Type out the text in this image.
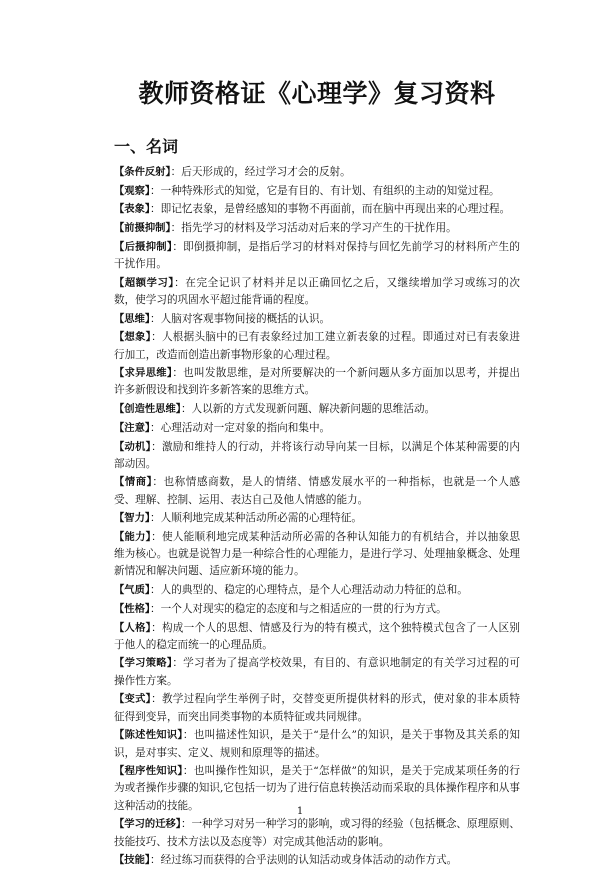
教师资格证《心理学》复习资料
一、名词

【条件反射】：后天形成的，经过学习才会的反射。

【观察】：一种特殊形式的知觉，它是有目的、有计划、有组织的主动的知觉过程。

【表象】：即记忆表象，是曾经感知的事物不再面前，而在脑中再现出来的心理过程。

【前摄抑制】：指先学习的材料及学习活动对后来的学习产生的干扰作用。

【后摄抑制】：即倒摄抑制，是指后学习的材料对保持与回忆先前学习的材料所产生的干扰作用。

【超额学习】：在完全记识了材料并足以正确回忆之后，又继续增加学习或练习的次数，使学习的巩固水平超过能背诵的程度。

【思维】：人脑对客观事物间接的概括的认识。

【想象】：人根据头脑中的已有表象经过加工建立新表象的过程。即通过对已有表象进行加工，改造而创造出新事物形象的心理过程。

【求异思维】：也叫发散思维，是对所要解决的一个新问题从多方面加以思考，并提出许多新假设和找到许多新答案的思维方式。

【创造性思维】：人以新的方式发现新问题、解决新问题的思维活动。

【注意】：心理活动对一定对象的指向和集中。

【动机】：激励和维持人的行动，并将该行动导向某一目标，以满足个体某种需要的内部动因。

【情商】：也称情感商数，是人的情绪、情感发展水平的一种指标，也就是一个人感受、理解、控制、运用、表达自己及他人情感的能力。

【智力】：人顺利地完成某种活动所必需的心理特征。

【能力】：使人能顺利地完成某种活动所必需的各种认知能力的有机结合，并以抽象思维为核心。也就是说智力是一种综合性的心理能力，是进行学习、处理抽象概念、处理新情况和解决问题、适应新环境的能力。

【气质】：人的典型的、稳定的心理特点，是个人心理活动动力特征的总和。

【性格】：一个人对现实的稳定的态度和与之相适应的一贯的行为方式。

【人格】：构成一个人的思想、情感及行为的特有模式，这个独特模式包含了一人区别于他人的稳定而统一的心理品质。

【学习策略】：学习者为了提高学校效果，有目的、有意识地制定的有关学习过程的可操作性方案。

【变式】：教学过程向学生举例子时，交替变更所提供材料的形式，使对象的非本质特征得到变异，而突出同类事物的本质特征或共同规律。

【陈述性知识】：也叫描述性知识，是关于“是什么”的知识，是关于事物及其关系的知识，是对事实、定义、规则和原理等的描述。

【程序性知识】：也叫操作性知识，是关于“怎样做”的知识，是关于完成某项任务的行为或者操作步骤的知识,它包括一切为了进行信息转换活动而采取的具体操作程序和从事这种活动的技能。

【学习的迁移】：一种学习对另一种学习的影响，或习得的经验（包括概念、原理原则、技能技巧、技术方法以及态度等）对完成其他活动的影响。

【技能】：经过练习而获得的合乎法则的认知活动或身体活动的动作方式。

1
